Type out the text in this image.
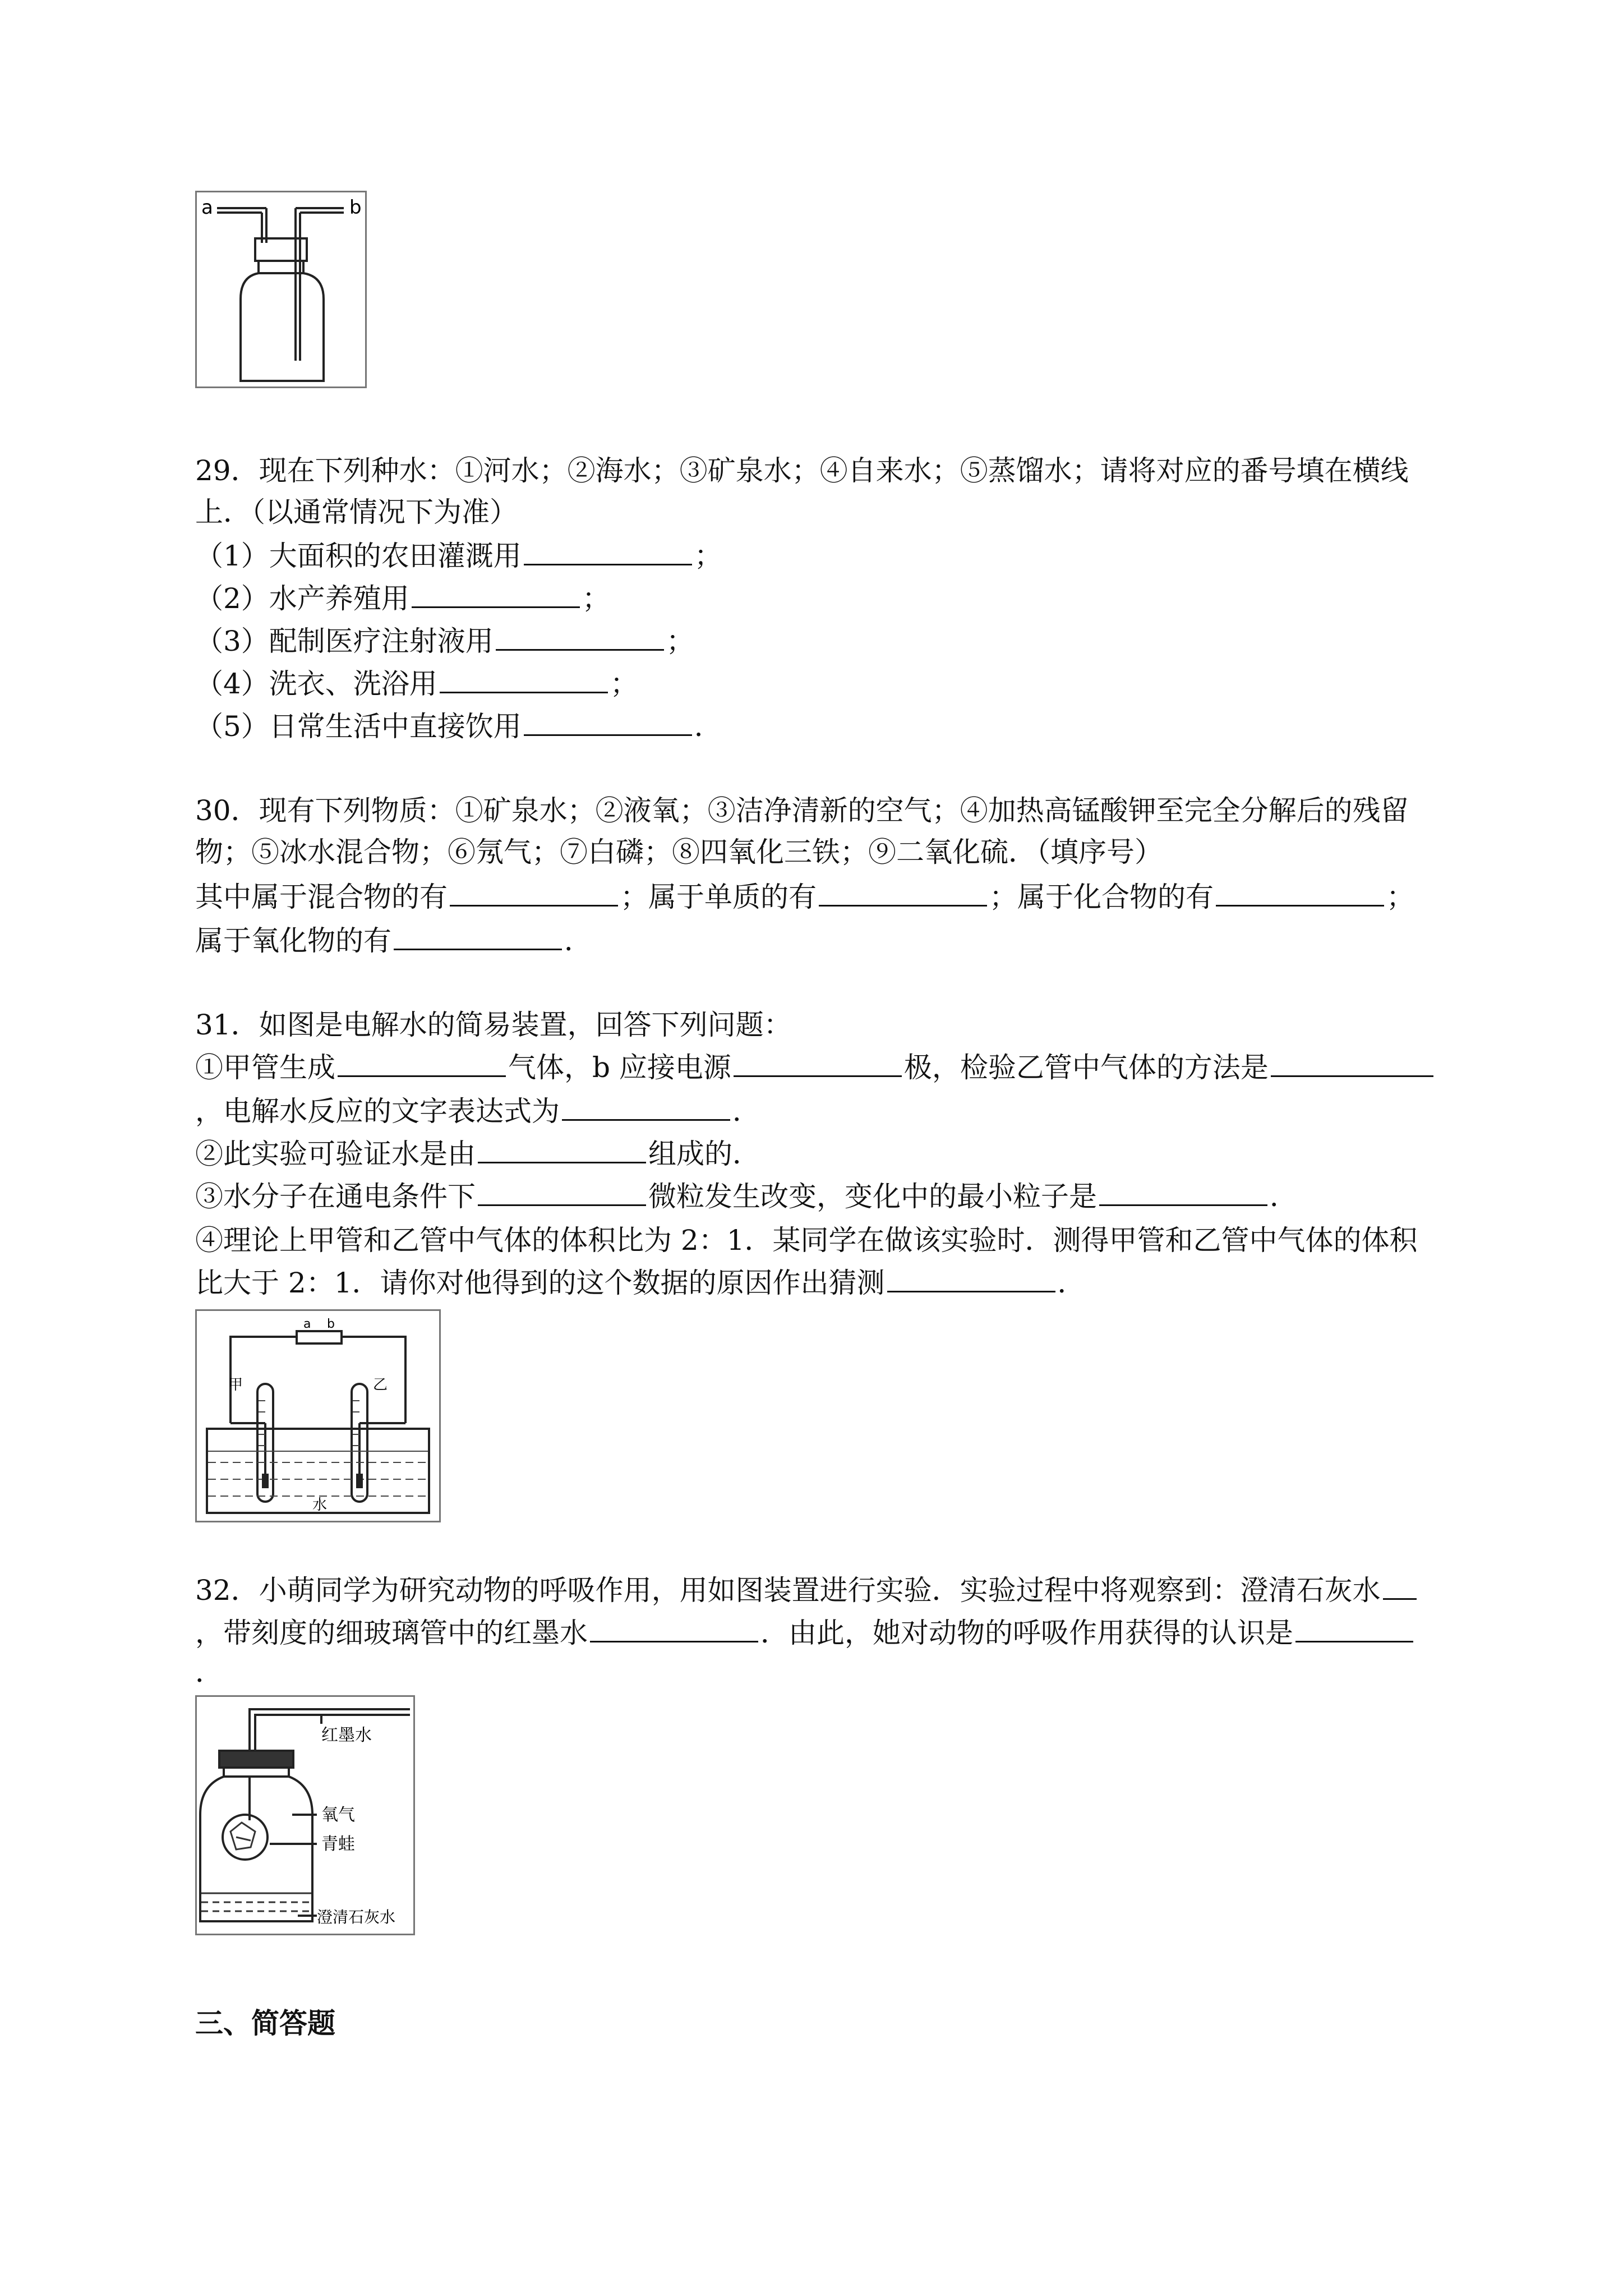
a	b
29．现在下列种水：①河水；②海水；③矿泉水；④自来水；⑤蒸馏水；请将对应的番号填在横线
上．（以通常情况下为准）
（1）大面积的农田灌溉用	；
（2）水产养殖用	；
（3）配制医疗注射液用	；
（4）洗衣、洗浴用	；
（5）日常生活中直接饮用	．
30．现有下列物质：①矿泉水；②液氧；③洁净清新的空气；④加热高锰酸钾至完全分解后的残留
物；⑤冰水混合物；⑥氖气；⑦白磷；⑧四氧化三铁；⑨二氧化硫．（填序号）
其中属于混合物的有	；属于单质的有	；属于化合物的有	；
属于氧化物的有	．
31．如图是电解水的简易装置，回答下列问题：
①甲管生成	气体，b 应接电源	极，检验乙管中气体的方法是
，电解水反应的文字表达式为	．
②此实验可验证水是由	组成的．
③水分子在通电条件下	微粒发生改变，变化中的最小粒子是	．
④理论上甲管和乙管中气体的体积比为 2：1．某同学在做该实验时．测得甲管和乙管中气体的体积
比大于 2：1．请你对他得到的这个数据的原因作出猜测	．
a b
甲	乙
水
32．小萌同学为研究动物的呼吸作用，用如图装置进行实验．实验过程中将观察到：澄清石灰水
，带刻度的细玻璃管中的红墨水	．由此，她对动物的呼吸作用获得的认识是
．
红墨水
氧气
青蛙
澄清石灰水
三、简答题
